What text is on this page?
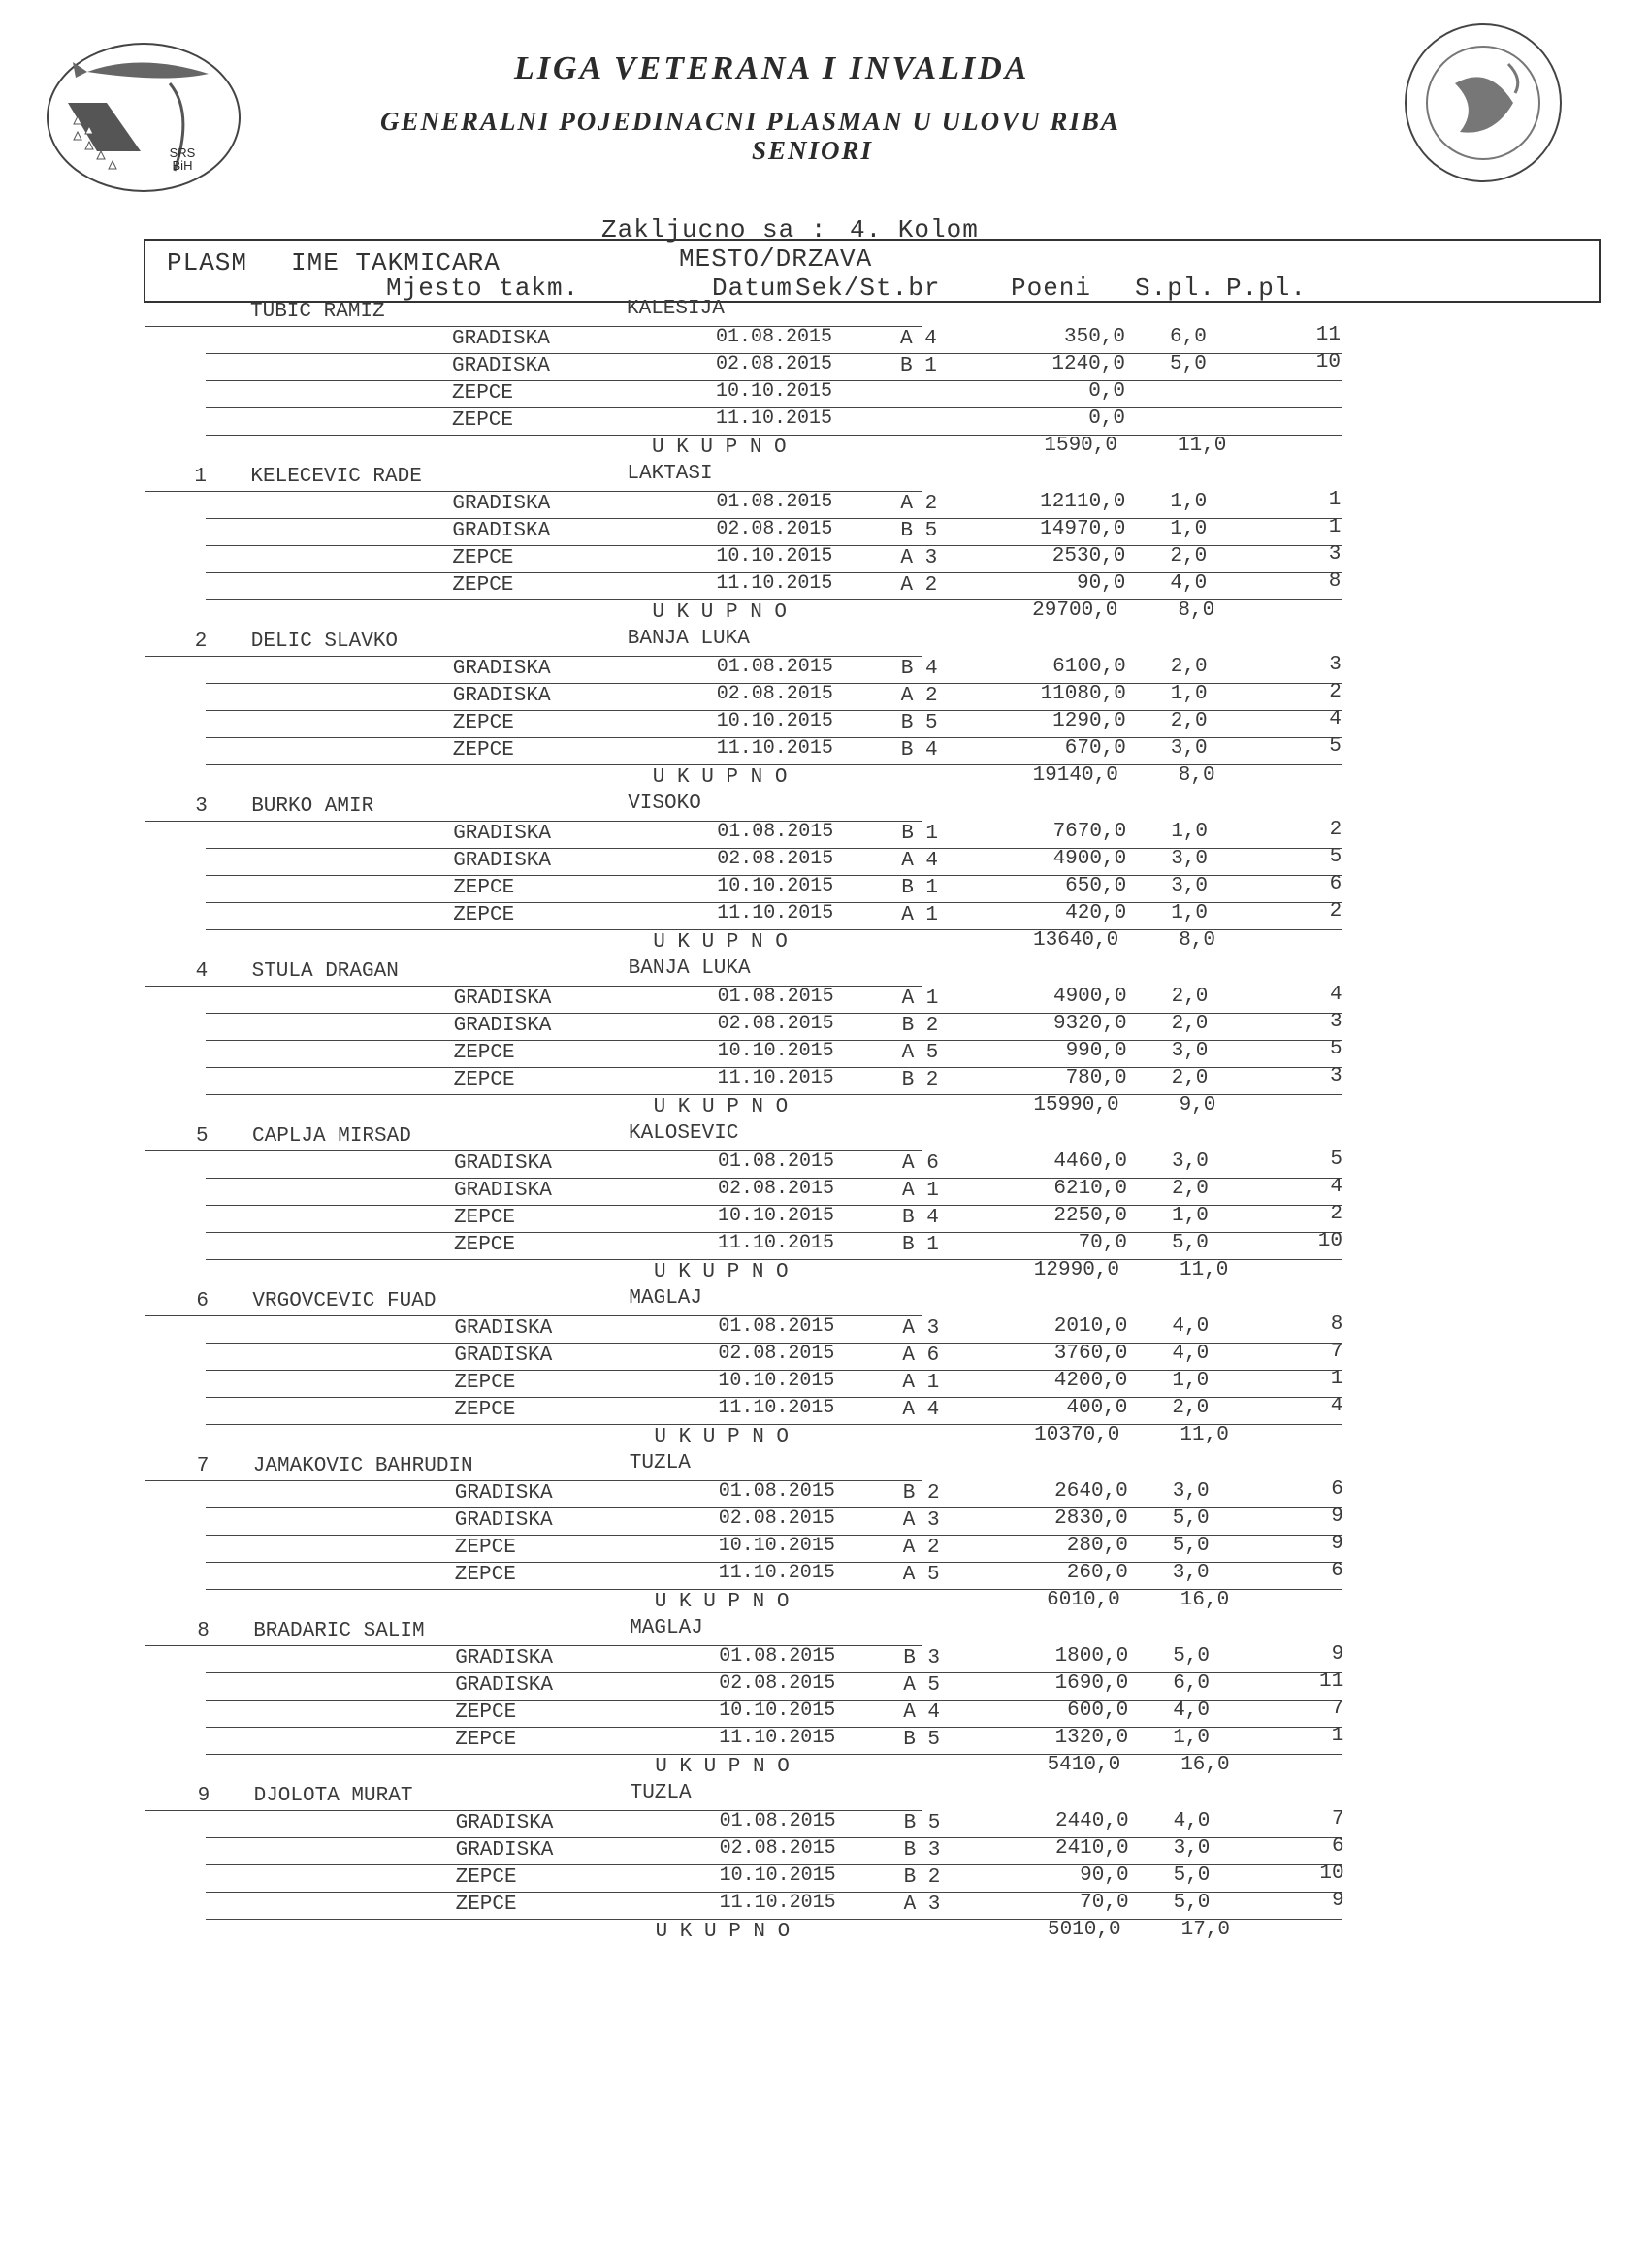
SRS BiH
LIGA VETERANA I INVALIDA
GENERALNI POJEDINACNI PLASMAN U ULOVU RIBA
SENIORI
Zakljucno sa : 4. Kolom
PLASM IME TAKMICARA	MESTO/DRZAVA
Mjesto takm.	Datum Sek/St.br	Poeni S.pl. P.pl.
TUBIC RAMIZ	KALESIJA
GRADISKA	01.08.2015	A 4	350,0 6,0	11
GRADISKA	02.08.2015	B 1	1240,0 5,0	10
ZEPCE	10.10.2015	0,0
ZEPCE	11.10.2015	0,0
U K U P N O	1590,0	11,0
1 KELECEVIC RADE	LAKTASI
GRADISKA	01.08.2015	A 2	12110,0 1,0	1
GRADISKA	02.08.2015	B 5	14970,0 1,0	1
ZEPCE	10.10.2015	A 3	2530,0 2,0	3
ZEPCE	11.10.2015	A 2	90,0 4,0	8
U K U P N O	29700,0	8,0
2 DELIC SLAVKO	BANJA LUKA
GRADISKA	01.08.2015	B 4	6100,0 2,0	3
GRADISKA	02.08.2015	A 2	11080,0 1,0	2
ZEPCE	10.10.2015	B 5	1290,0 2,0	4
ZEPCE	11.10.2015	B 4	670,0 3,0	5
U K U P N O	19140,0	8,0
3 BURKO AMIR	VISOKO
GRADISKA	01.08.2015	B 1	7670,0 1,0	2
GRADISKA	02.08.2015	A 4	4900,0 3,0	5
ZEPCE	10.10.2015	B 1	650,0 3,0	6
ZEPCE	11.10.2015	A 1	420,0 1,0	2
U K U P N O	13640,0	8,0
4 STULA DRAGAN	BANJA LUKA
GRADISKA	01.08.2015	A 1	4900,0 2,0	4
GRADISKA	02.08.2015	B 2	9320,0 2,0	3
ZEPCE	10.10.2015	A 5	990,0 3,0	5
ZEPCE	11.10.2015	B 2	780,0 2,0	3
U K U P N O	15990,0	9,0
5 CAPLJA MIRSAD	KALOSEVIC
GRADISKA	01.08.2015	A 6	4460,0 3,0	5
GRADISKA	02.08.2015	A 1	6210,0 2,0	4
ZEPCE	10.10.2015	B 4	2250,0 1,0	2
ZEPCE	11.10.2015	B 1	70,0 5,0	10
U K U P N O	12990,0	11,0
6 VRGOVCEVIC FUAD	MAGLAJ
GRADISKA	01.08.2015	A 3	2010,0 4,0	8
GRADISKA	02.08.2015	A 6	3760,0 4,0	7
ZEPCE	10.10.2015	A 1	4200,0 1,0	1
ZEPCE	11.10.2015	A 4	400,0 2,0	4
U K U P N O	10370,0	11,0
7 JAMAKOVIC BAHRUDIN	TUZLA
GRADISKA	01.08.2015	B 2	2640,0 3,0	6
GRADISKA	02.08.2015	A 3	2830,0 5,0	9
ZEPCE	10.10.2015	A 2	280,0 5,0	9
ZEPCE	11.10.2015	A 5	260,0 3,0	6
U K U P N O	6010,0	16,0
8 BRADARIC SALIM	MAGLAJ
GRADISKA	01.08.2015	B 3	1800,0 5,0	9
GRADISKA	02.08.2015	A 5	1690,0 6,0	11
ZEPCE	10.10.2015	A 4	600,0 4,0	7
ZEPCE	11.10.2015	B 5	1320,0 1,0	1
U K U P N O	5410,0	16,0
9 DJOLOTA MURAT	TUZLA
GRADISKA	01.08.2015	B 5	2440,0 4,0	7
GRADISKA	02.08.2015	B 3	2410,0 3,0	6
ZEPCE	10.10.2015	B 2	90,0 5,0	10
ZEPCE	11.10.2015	A 3	70,0 5,0	9
U K U P N O	5010,0	17,0
